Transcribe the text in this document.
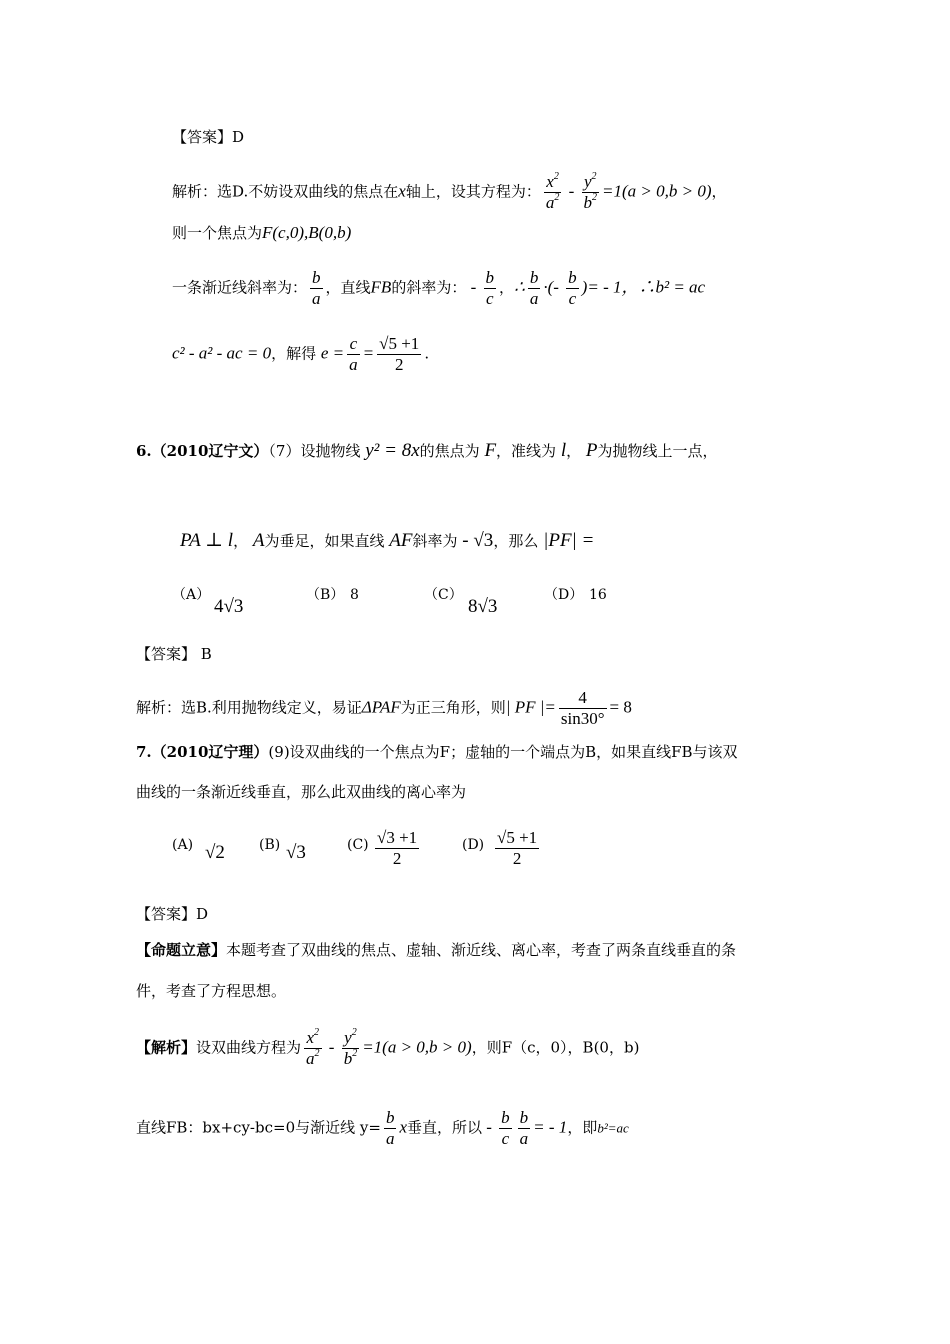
【答案】D
解析：选D.不妨设双曲线的焦点在x轴上，设其方程为： $\frac{x^2}{a^2} - \frac{y^2}{b^2} =1(a > 0,b > 0)$，
则一个焦点为F(c,0),B(0,b)
一条渐近线斜率为： $\frac{b}{a}$ ，直线FB的斜率为： - $\frac{b}{c}$ ，∴ $\frac{b}{a}$ ·(- $\frac{b}{c}$ )= - 1，∴b² = ac
c² - a² - ac = 0，解得 $e = \frac{c}{a} = \frac{√5 +1}{2}$ .
6.（2010辽宁文）（7）设抛物线 y² = 8x的焦点为 F，准线为 l， P为抛物线上一点，
PA ⊥ l， A为垂足，如果直线 AF斜率为 - √3，那么 |PF| =
（A）
4√3
（B） 8	（C）
8√3
（D） 16
【答案】 B
解析：选B.利用抛物线定义，易证ΔPAF为正三角形，则| PF |= $\frac{4}{\sin 30^\circ} = 8$
7.（2010辽宁理）(9)设双曲线的一个焦点为F；虚轴的一个端点为B，如果直线FB与该双
曲线的一条渐近线垂直，那么此双曲线的离心率为
(A) √2 (B) √3	$(C) \frac{√3 +1}{2}$	$(D) \frac{√5 +1}{2}$
【答案】D
【命题立意】本题考查了双曲线的焦点、虚轴、渐近线、离心率，考查了两条直线垂直的条
件，考查了方程思想。
【解析】设双曲线方程为 $\frac{x^2}{a^2} - \frac{y^2}{b^2} =1(a > 0,b > 0)$，则F（c，0），B(0，b)
直线FB：bx+cy-bc=0与渐近线 $y= \frac{b}{a}$ x垂直，所以 - $\frac{b}{c} \frac{b}{a}$ = - 1，即b²=ac
